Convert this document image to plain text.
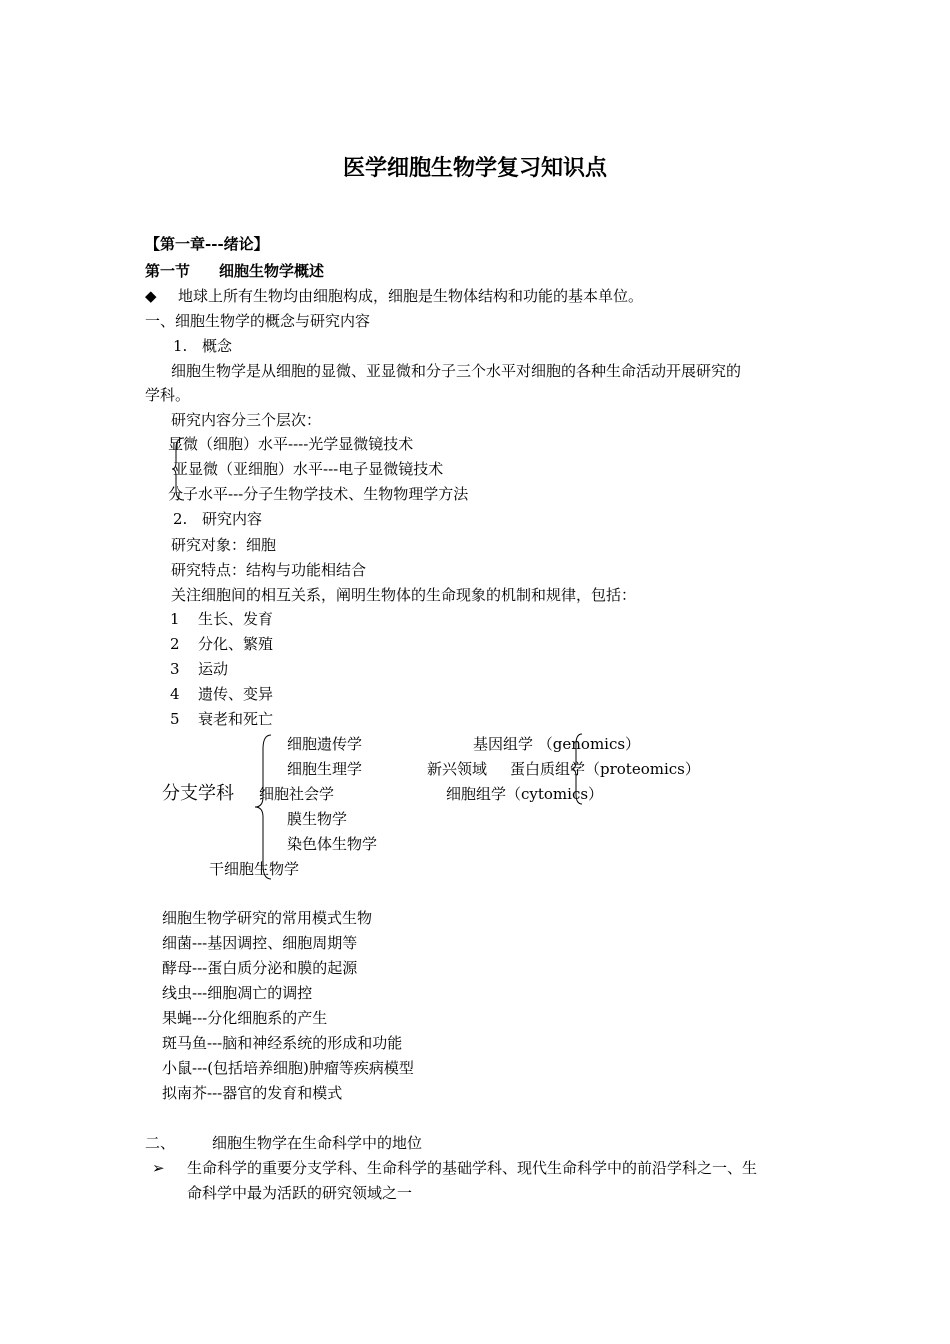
医学细胞生物学复习知识点
【第一章---绪论】
第一节 细胞生物学概述
◆ 地球上所有生物均由细胞构成，细胞是生物体结构和功能的基本单位。
一、细胞生物学的概念与研究内容
1. 概念
细胞生物学是从细胞的显微、亚显微和分子三个水平对细胞的各种生命活动开展研究的
学科。
研究内容分三个层次：
显微（细胞）水平----光学显微镜技术
亚显微（亚细胞）水平---电子显微镜技术
分子水平---分子生物学技术、生物物理学方法
2. 研究内容
研究对象：细胞
研究特点：结构与功能相结合
关注细胞间的相互关系，阐明生物体的生命现象的机制和规律，包括：
1 生长、发育
2 分化、繁殖
3 运动
4 遗传、变异
5 衰老和死亡
分支学科
细胞遗传学
细胞生理学
细胞社会学
膜生物学
染色体生物学
干细胞生物学
新兴领域
基因组学 （genomics）
蛋白质组学（proteomics）
细胞组学（cytomics）
细胞生物学研究的常用模式生物
细菌---基因调控、细胞周期等
酵母---蛋白质分泌和膜的起源
线虫---细胞凋亡的调控
果蝇---分化细胞系的产生
斑马鱼---脑和神经系统的形成和功能
小鼠---(包括培养细胞)肿瘤等疾病模型
拟南芥---器官的发育和模式
二、 细胞生物学在生命科学中的地位
➢ 生命科学的重要分支学科、生命科学的基础学科、现代生命科学中的前沿学科之一、生
命科学中最为活跃的研究领域之一
